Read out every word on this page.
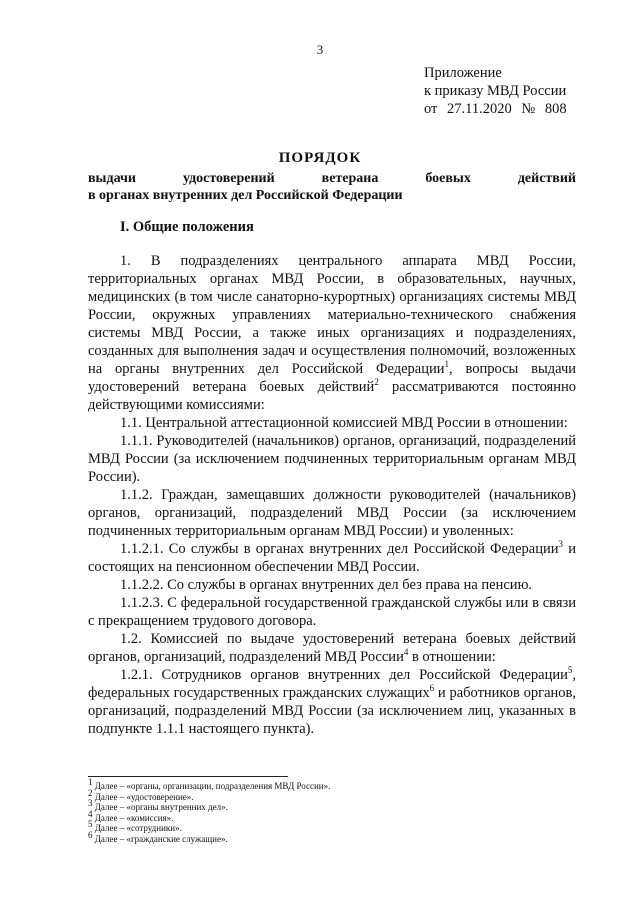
3
Приложение
к приказу МВД России
от 27.11.2020 № 808
ПОРЯДОК
выдачи	удостоверений	ветерана	боевых	действий
в органах внутренних дел Российской Федерации
I. Общие положения

1. В подразделениях центрального аппарата МВД России, территориальных органах МВД России, в образовательных, научных, медицинских (в том числе санаторно-курортных) организациях системы МВД России, окружных управлениях материально-технического снабжения системы МВД России, а также иных организациях и подразделениях, созданных для выполнения задач и осуществления полномочий, возложенных на органы внутренних дел Российской Федерации$^1$, вопросы выдачи удостоверений ветерана боевых действий$^2$ рассматриваются постоянно действующими комиссиями:

1.1. Центральной аттестационной комиссией МВД России в отношении:

1.1.1. Руководителей (начальников) органов, организаций, подразделений МВД России (за исключением подчиненных территориальным органам МВД России).

1.1.2. Граждан, замещавших должности руководителей (начальников) органов, организаций, подразделений МВД России (за исключением подчиненных территориальным органам МВД России) и уволенных:

1.1.2.1. Со службы в органах внутренних дел Российской Федерации$^3$ и состоящих на пенсионном обеспечении МВД России.

1.1.2.2. Со службы в органах внутренних дел без права на пенсию.

1.1.2.3. С федеральной государственной гражданской службы или в связи с прекращением трудового договора.

1.2. Комиссией по выдаче удостоверений ветерана боевых действий органов, организаций, подразделений МВД России$^4$ в отношении:

1.2.1. Сотрудников органов внутренних дел Российской Федерации$^5$, федеральных государственных гражданских служащих$^6$ и работников органов, организаций, подразделений МВД России (за исключением лиц, указанных в подпункте 1.1.1 настоящего пункта).

$^1$ Далее – «органы, организации, подразделения МВД России».
$^2$ Далее – «удостоверение».
$^3$ Далее – «органы внутренних дел».
$^4$ Далее – «комиссия».
$^5$ Далее – «сотрудники».
$^6$ Далее – «гражданские служащие».
